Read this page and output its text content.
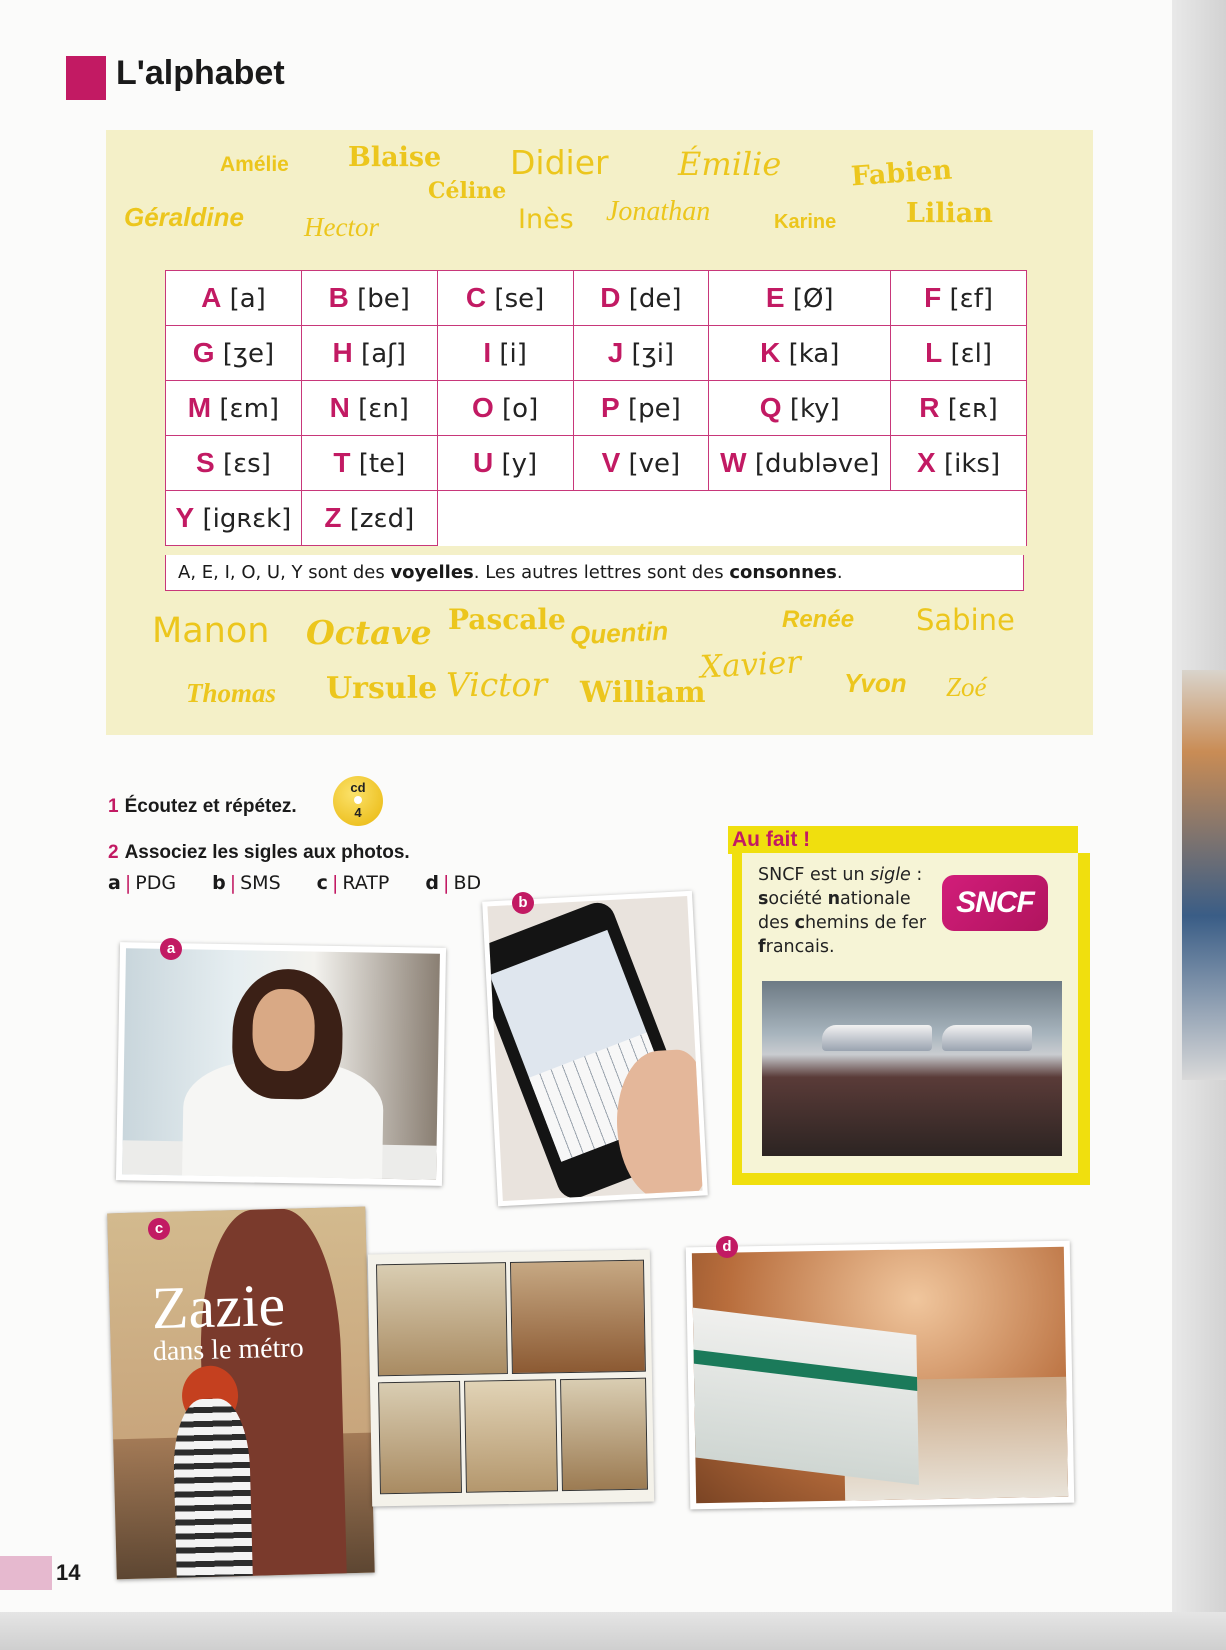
L'alphabet
Amélie Blaise Didier Émilie	Fabien
Céline
Géraldine Hector	Inès Jonathan	Karine	Lilian
Manon Octave Pascale Quentin	Renée Sabine
Thomas Ursule Victor William
Xavier Yvon Zoé
A [a]	B [be]	C [se]	D [de]	E [Ø]	F [ɛf]
G [ʒe]	H [aʃ]	I [i]	J [ʒi]	K [ka]	L [ɛl]
M [ɛm]	N [ɛn]	O [o]	P [pe]	Q [ky]	R [ɛʀ]
S [ɛs]	T [te]	U [y]	V [ve]	W [dubləve]	X [iks]
Y [igʀɛk]	Z [zɛd]				
A, E, I, O, U, Y sont des voyelles. Les autres lettres sont des consonnes.
1 Écoutez et répétez.
cd
4
2 Associez les sigles aux photos.
a | PDG b | SMS c | RATP d | BD
a
b
Au fait !
SNCF est un sigle :
société nationale
des chemins de fer
francais.
SNCF
Zazie
dans le métro
c
d
14
